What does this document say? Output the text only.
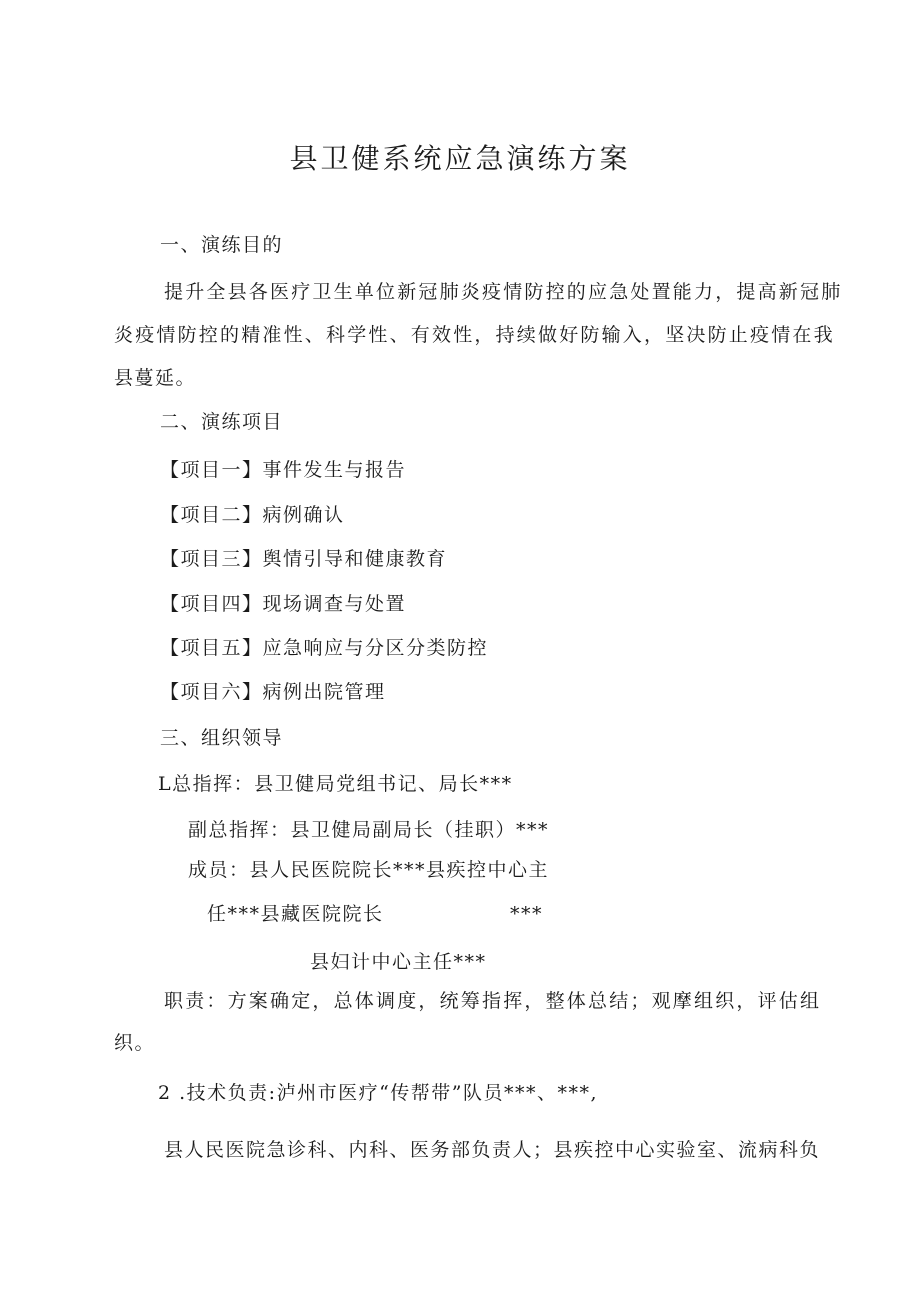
县卫健系统应急演练方案
一、演练目的
提升全县各医疗卫生单位新冠肺炎疫情防控的应急处置能力，提高新冠肺
炎疫情防控的精准性、科学性、有效性，持续做好防输入，坚决防止疫情在我
县蔓延。
二、演练项目
【项目一】事件发生与报告
【项目二】病例确认
【项目三】舆情引导和健康教育
【项目四】现场调查与处置
【项目五】应急响应与分区分类防控
【项目六】病例出院管理
三、组织领导
L总指挥：县卫健局党组书记、局长***
副总指挥：县卫健局副局长（挂职）***
成员：县人民医院院长***县疾控中心主
任***县藏医院院长	***
县妇计中心主任***
职责：方案确定，总体调度，统筹指挥，整体总结；观摩组织，评估组
织。
2 .技术负责:泸州市医疗“传帮带”队员***、***,
县人民医院急诊科、内科、医务部负责人；县疾控中心实验室、流病科负
